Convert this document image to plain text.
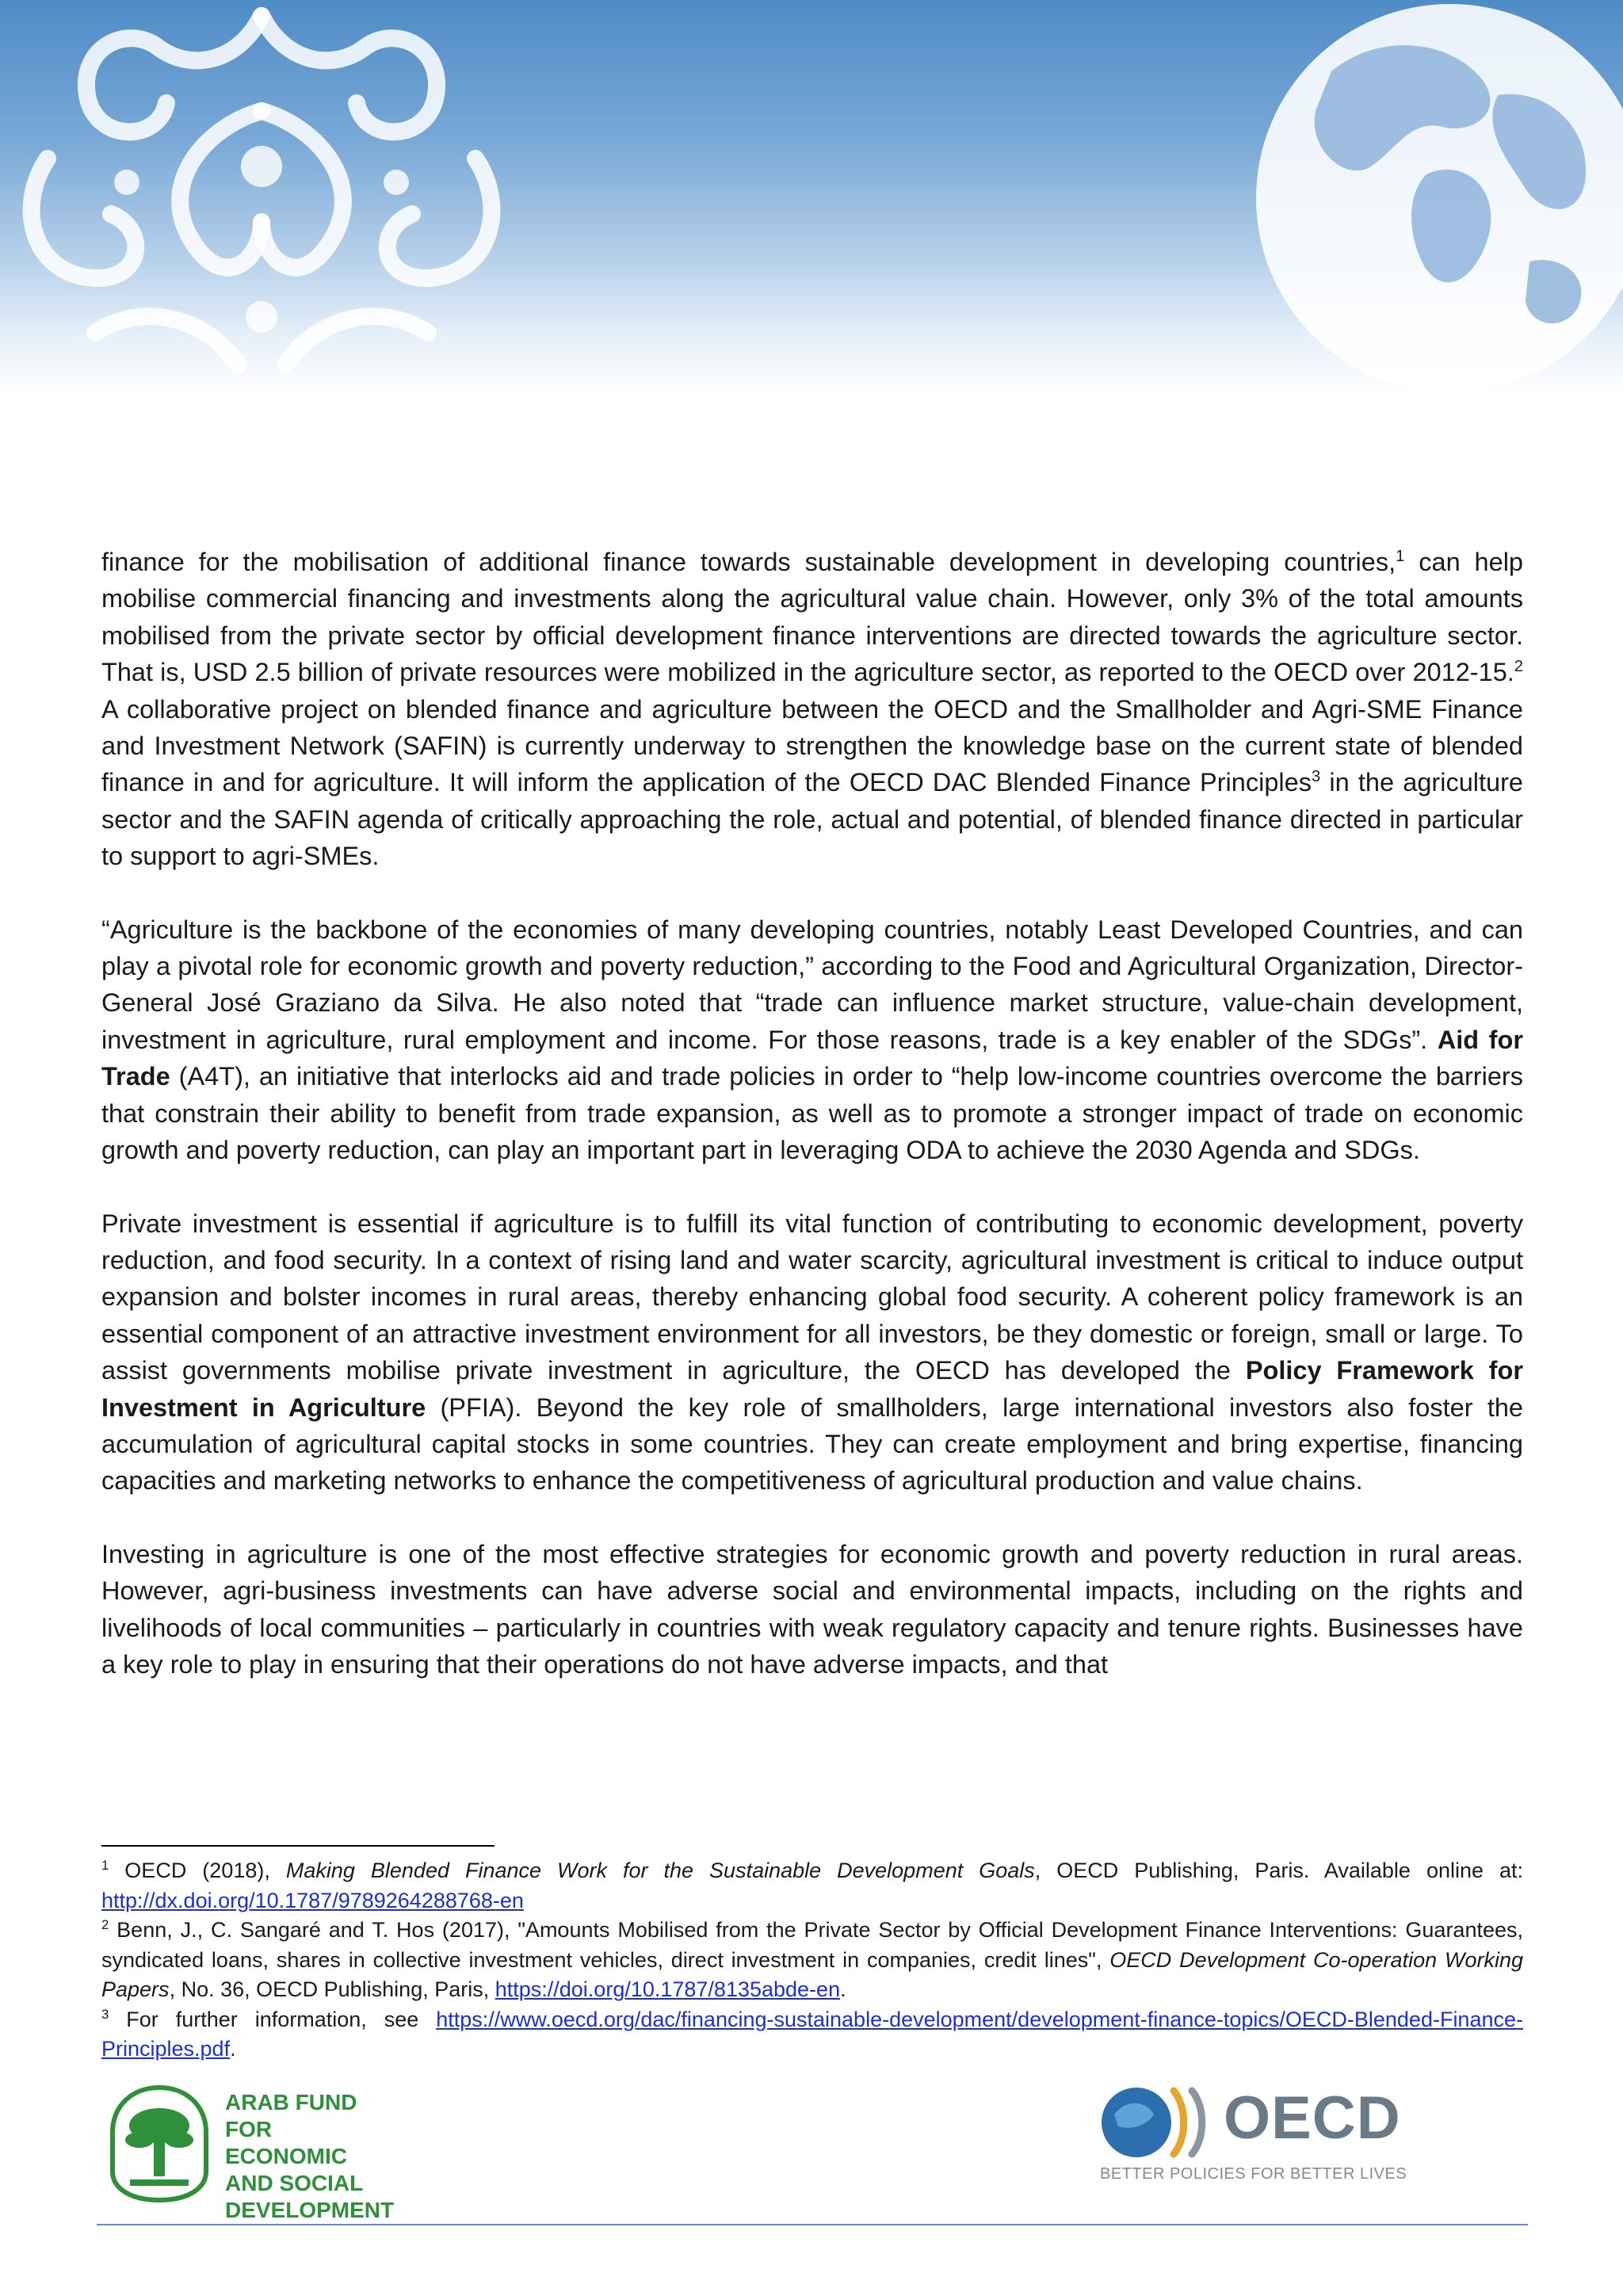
finance for the mobilisation of additional finance towards sustainable development in developing countries,$^1$ can help mobilise commercial financing and investments along the agricultural value chain. However, only 3% of the total amounts mobilised from the private sector by official development finance interventions are directed towards the agriculture sector. That is, USD 2.5 billion of private resources were mobilized in the agriculture sector, as reported to the OECD over 2012-15.$^2$ A collaborative project on blended finance and agriculture between the OECD and the Smallholder and Agri-SME Finance and Investment Network (SAFIN) is currently underway to strengthen the knowledge base on the current state of blended finance in and for agriculture. It will inform the application of the OECD DAC Blended Finance Principles$^3$ in the agriculture sector and the SAFIN agenda of critically approaching the role, actual and potential, of blended finance directed in particular to support to agri-SMEs.

“Agriculture is the backbone of the economies of many developing countries, notably Least Developed Countries, and can play a pivotal role for economic growth and poverty reduction,” according to the Food and Agricultural Organization, Director-General José Graziano da Silva. He also noted that “trade can influence market structure, value-chain development, investment in agriculture, rural employment and income. For those reasons, trade is a key enabler of the SDGs”. Aid for Trade (A4T), an initiative that interlocks aid and trade policies in order to “help low-income countries overcome the barriers that constrain their ability to benefit from trade expansion, as well as to promote a stronger impact of trade on economic growth and poverty reduction, can play an important part in leveraging ODA to achieve the 2030 Agenda and SDGs.

Private investment is essential if agriculture is to fulfill its vital function of contributing to economic development, poverty reduction, and food security. In a context of rising land and water scarcity, agricultural investment is critical to induce output expansion and bolster incomes in rural areas, thereby enhancing global food security. A coherent policy framework is an essential component of an attractive investment environment for all investors, be they domestic or foreign, small or large. To assist governments mobilise private investment in agriculture, the OECD has developed the Policy Framework for Investment in Agriculture (PFIA). Beyond the key role of smallholders, large international investors also foster the accumulation of agricultural capital stocks in some countries. They can create employment and bring expertise, financing capacities and marketing networks to enhance the competitiveness of agricultural production and value chains.

Investing in agriculture is one of the most effective strategies for economic growth and poverty reduction in rural areas. However, agri-business investments can have adverse social and environmental impacts, including on the rights and livelihoods of local communities – particularly in countries with weak regulatory capacity and tenure rights. Businesses have a key role to play in ensuring that their operations do not have adverse impacts, and that

$^1$ OECD (2018), Making Blended Finance Work for the Sustainable Development Goals, OECD Publishing, Paris. Available online at: http://dx.doi.org/10.1787/9789264288768-en

$^2$ Benn, J., C. Sangaré and T. Hos (2017), "Amounts Mobilised from the Private Sector by Official Development Finance Interventions: Guarantees, syndicated loans, shares in collective investment vehicles, direct investment in companies, credit lines", OECD Development Co-operation Working Papers, No. 36, OECD Publishing, Paris, https://doi.org/10.1787/8135abde-en.

$^3$ For further information, see https://www.oecd.org/dac/financing-sustainable-development/development-finance-topics/OECD-Blended-Finance-Principles.pdf.

ARAB FUND
FOR ECONOMIC
AND SOCIAL
DEVELOPMENT
OECD
BETTER POLICIES FOR BETTER LIVES
